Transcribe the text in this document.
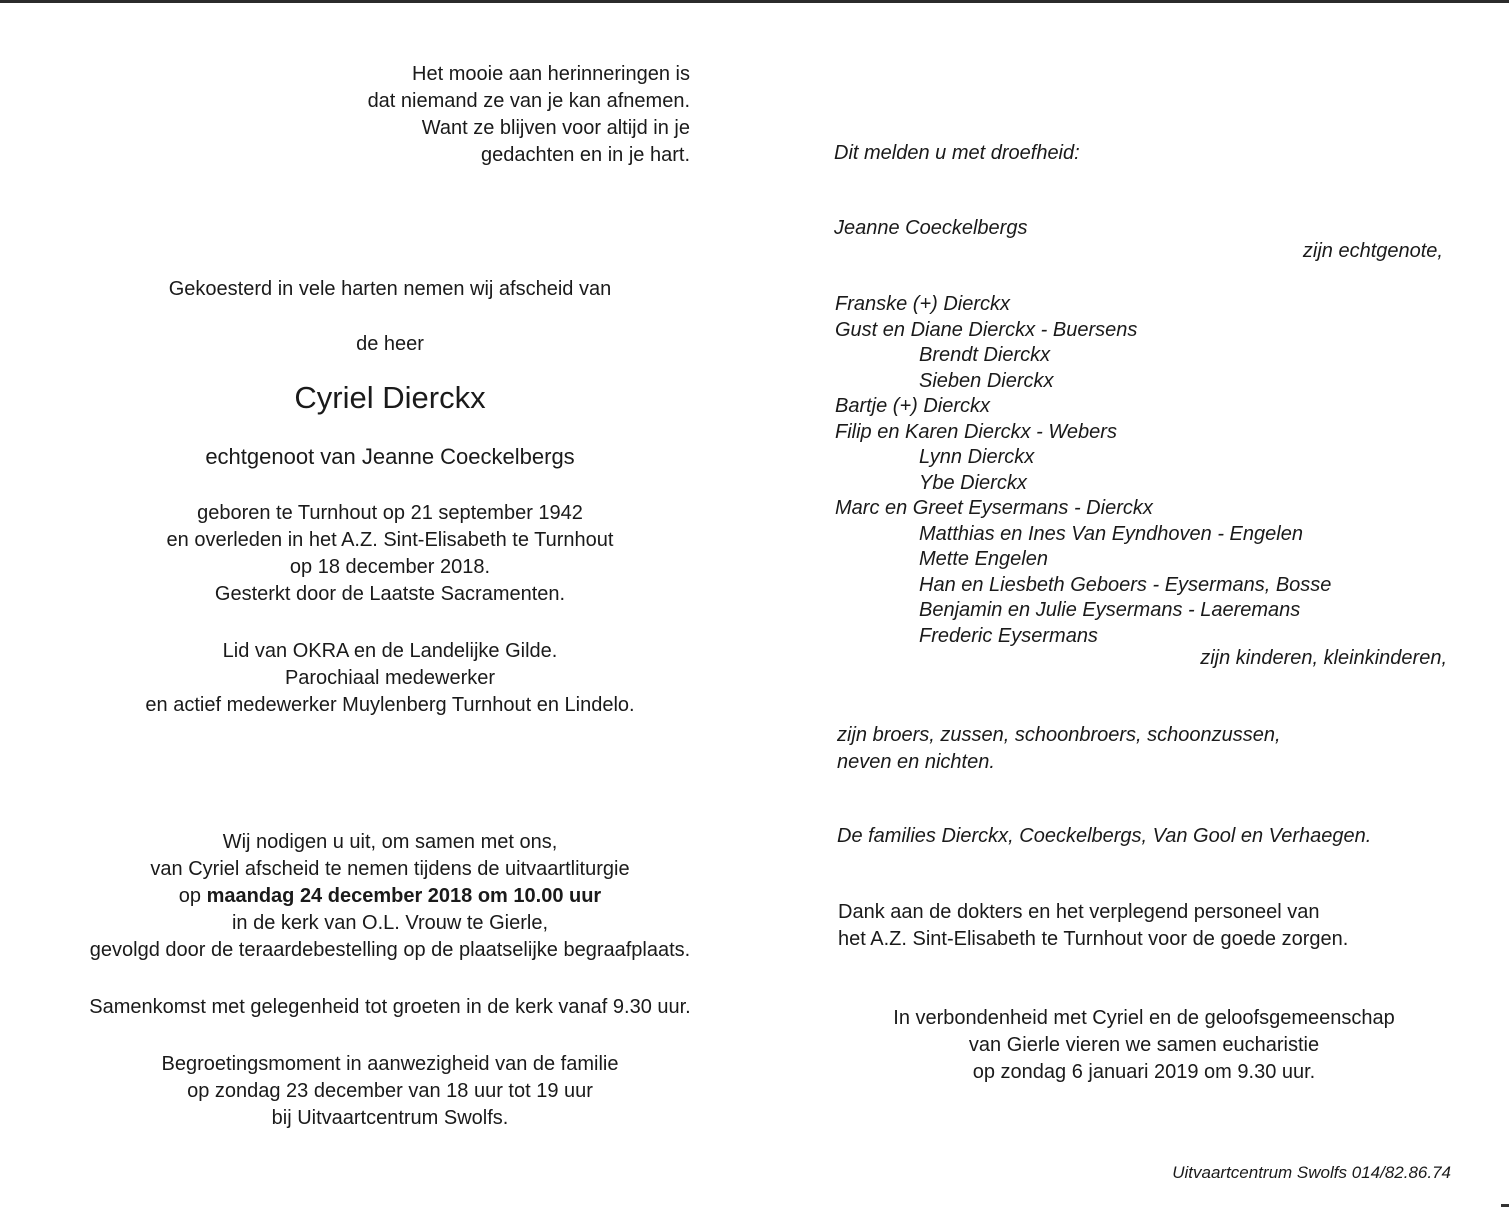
Het mooie aan herinneringen is
dat niemand ze van je kan afnemen.
Want ze blijven voor altijd in je
gedachten en in je hart.
Gekoesterd in vele harten nemen wij afscheid van
de heer
Cyriel Dierckx
echtgenoot van Jeanne Coeckelbergs
geboren te Turnhout op 21 september 1942
en overleden in het A.Z. Sint-Elisabeth te Turnhout
op 18 december 2018.
Gesterkt door de Laatste Sacramenten.
Lid van OKRA en de Landelijke Gilde.
Parochiaal medewerker
en actief medewerker Muylenberg Turnhout en Lindelo.
Wij nodigen u uit, om samen met ons,
van Cyriel afscheid te nemen tijdens de uitvaartliturgie
op maandag 24 december 2018 om 10.00 uur
in de kerk van O.L. Vrouw te Gierle,
gevolgd door de teraardebestelling op de plaatselijke begraafplaats.
Samenkomst met gelegenheid tot groeten in de kerk vanaf 9.30 uur.
Begroetingsmoment in aanwezigheid van de familie
op zondag 23 december van 18 uur tot 19 uur
bij Uitvaartcentrum Swolfs.
Dit melden u met droefheid:
Jeanne Coeckelbergs
zijn echtgenote,
Franske (+) Dierckx
Gust en Diane Dierckx - Buersens
Brendt Dierckx
Sieben Dierckx
Bartje (+) Dierckx
Filip en Karen Dierckx - Webers
Lynn Dierckx
Ybe Dierckx
Marc en Greet Eysermans - Dierckx
Matthias en Ines Van Eyndhoven - Engelen
Mette Engelen
Han en Liesbeth Geboers - Eysermans, Bosse
Benjamin en Julie Eysermans - Laeremans
Frederic Eysermans
zijn kinderen, kleinkinderen,
zijn broers, zussen, schoonbroers, schoonzussen,
neven en nichten.
De families Dierckx, Coeckelbergs, Van Gool en Verhaegen.
Dank aan de dokters en het verplegend personeel van
het A.Z. Sint-Elisabeth te Turnhout voor de goede zorgen.
In verbondenheid met Cyriel en de geloofsgemeenschap
van Gierle vieren we samen eucharistie
op zondag 6 januari 2019 om 9.30 uur.
Uitvaartcentrum Swolfs 014/82.86.74
